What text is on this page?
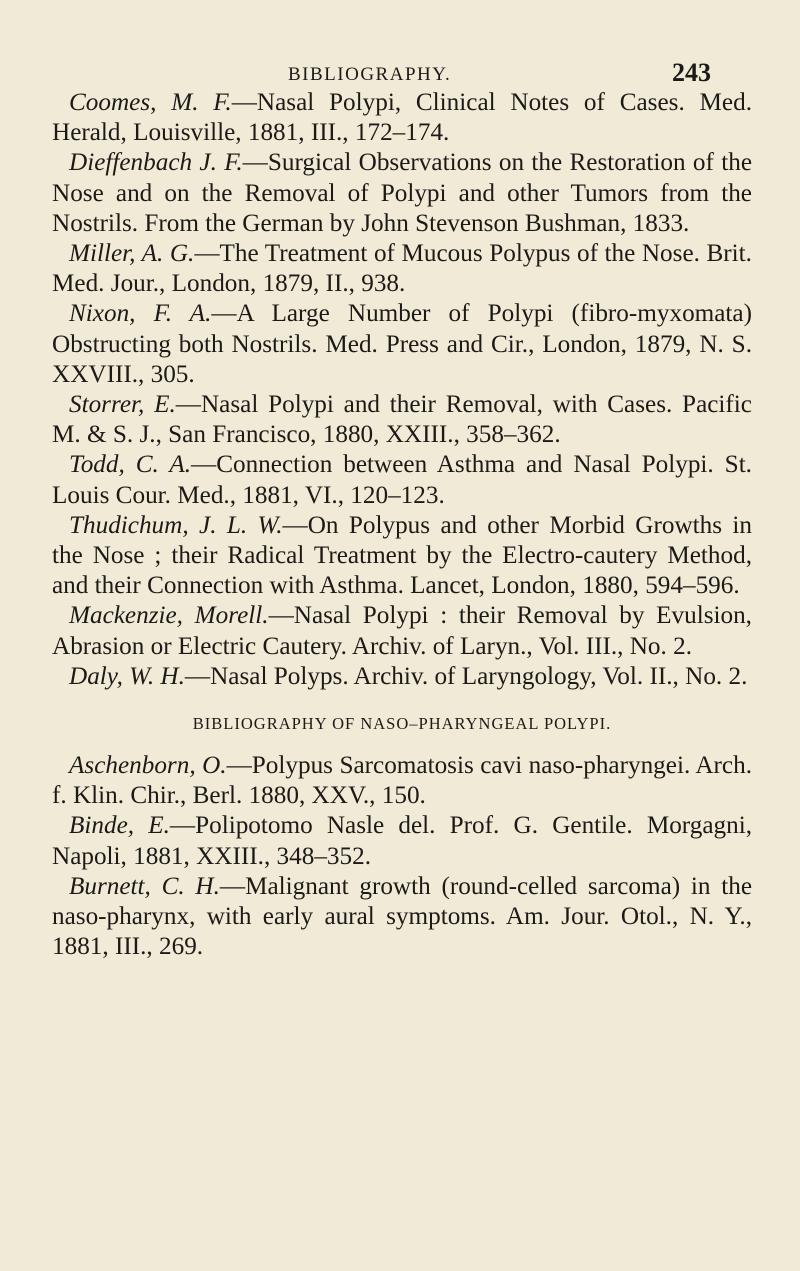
BIBLIOGRAPHY.	243

Coomes, M. F.—Nasal Polypi, Clinical Notes of Cases. Med. Herald, Louisville, 1881, III., 172–174.

Dieffenbach J. F.—Surgical Observations on the Restoration of the Nose and on the Removal of Polypi and other Tumors from the Nostrils. From the German by John Stevenson Bushman, 1833.

Miller, A. G.—The Treatment of Mucous Polypus of the Nose. Brit. Med. Jour., London, 1879, II., 938.

Nixon, F. A.—A Large Number of Polypi (fibro-myxomata) Obstructing both Nostrils. Med. Press and Cir., London, 1879, N. S. XXVIII., 305.

Storrer, E.—Nasal Polypi and their Removal, with Cases. Pacific M. & S. J., San Francisco, 1880, XXIII., 358–362.

Todd, C. A.—Connection between Asthma and Nasal Polypi. St. Louis Cour. Med., 1881, VI., 120–123.

Thudichum, J. L. W.—On Polypus and other Morbid Growths in the Nose ; their Radical Treatment by the Electro-cautery Method, and their Connection with Asthma. Lancet, London, 1880, 594–596.

Mackenzie, Morell.—Nasal Polypi : their Removal by Evulsion, Abrasion or Electric Cautery. Archiv. of Laryn., Vol. III., No. 2.

Daly, W. H.—Nasal Polyps. Archiv. of Laryngology, Vol. II., No. 2.

BIBLIOGRAPHY OF NASO–PHARYNGEAL POLYPI.

Aschenborn, O.—Polypus Sarcomatosis cavi naso-pharyngei. Arch. f. Klin. Chir., Berl. 1880, XXV., 150.

Binde, E.—Polipotomo Nasle del. Prof. G. Gentile. Morgagni, Napoli, 1881, XXIII., 348–352.

Burnett, C. H.—Malignant growth (round-celled sarcoma) in the naso-pharynx, with early aural symptoms. Am. Jour. Otol., N. Y., 1881, III., 269.
